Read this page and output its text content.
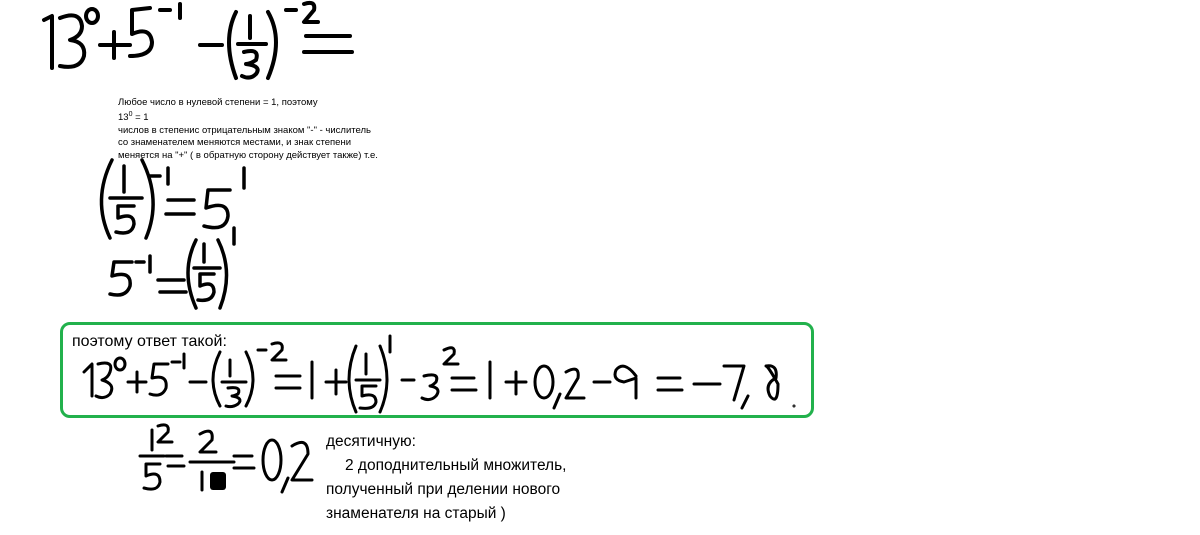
Любое число в нулевой степени = 1, поэтому
$13^0 = 1$
числов в степенис отрицательным знаком "-" - числитель
со знаменателем меняются местами, и знак степени
меняется на "+" ( в обратную сторону действует также) т.е.
поэтому ответ такой:
десятичную:
2 доподнительный множитель,
полученный при делении нового
знаменателя на старый )
